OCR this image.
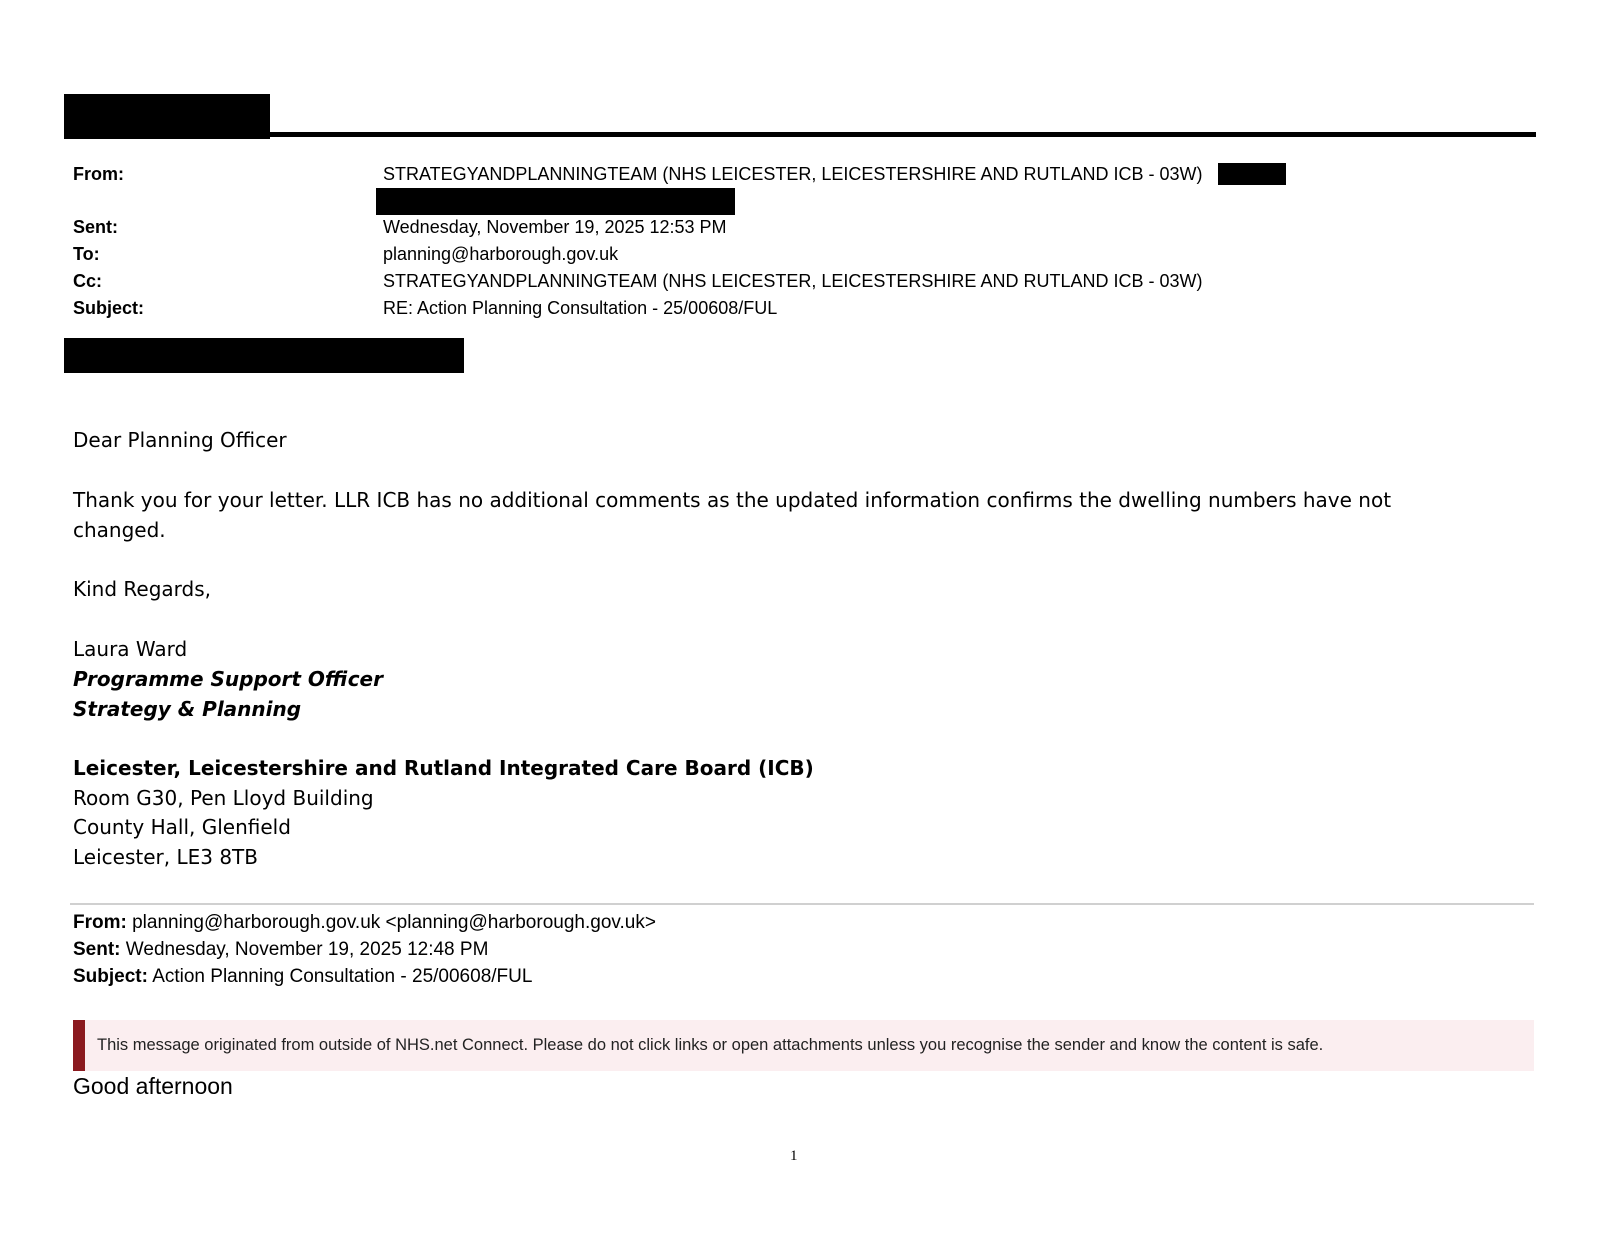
From:	STRATEGYANDPLANNINGTEAM (NHS LEICESTER, LEICESTERSHIRE AND RUTLAND ICB - 03W)
Sent:	Wednesday, November 19, 2025 12:53 PM
To:	planning@harborough.gov.uk
Cc:	STRATEGYANDPLANNINGTEAM (NHS LEICESTER, LEICESTERSHIRE AND RUTLAND ICB - 03W)
Subject:	RE: Action Planning Consultation - 25/00608/FUL
Dear Planning Officer
Thank you for your letter. LLR ICB has no additional comments as the updated information confirms the dwelling numbers have not
changed.
Kind Regards,
Laura Ward
Programme Support Officer
Strategy & Planning
Leicester, Leicestershire and Rutland Integrated Care Board (ICB)
Room G30, Pen Lloyd Building
County Hall, Glenfield
Leicester, LE3 8TB
From: planning@harborough.gov.uk <planning@harborough.gov.uk>
Sent: Wednesday, November 19, 2025 12:48 PM
Subject: Action Planning Consultation - 25/00608/FUL
This message originated from outside of NHS.net Connect. Please do not click links or open attachments unless you recognise the sender and know the content is safe.
Good afternoon
1
